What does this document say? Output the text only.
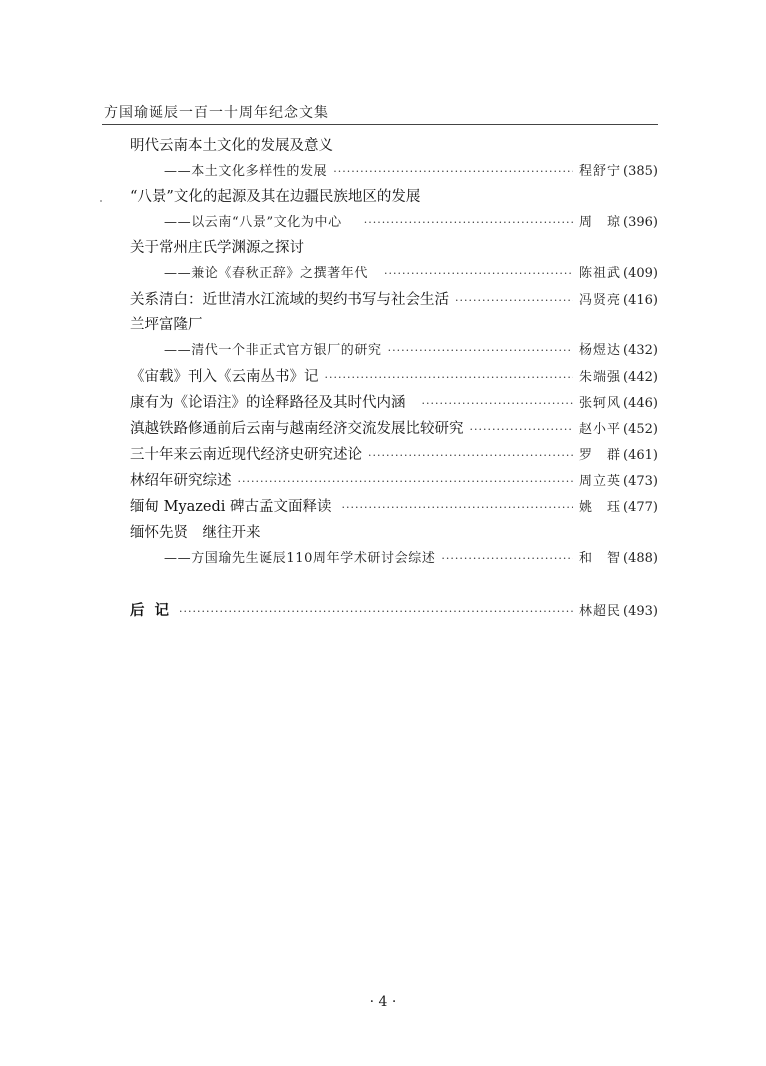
方国瑜诞辰一百一十周年纪念文集
明代云南本土文化的发展及意义
——本土文化多样性的发展 ·····	程舒宁 (385)
“八景”文化的起源及其在边疆民族地区的发展
——以云南“八景”文化为中心 ·····	周　琼 (396)
关于常州庄氏学渊源之探讨
——兼论《春秋正辞》之撰著年代 ·····	陈祖武 (409)
关系清白：近世清水江流域的契约书写与社会生活 ·····	冯贤亮 (416)
兰坪富隆厂
——清代一个非正式官方银厂的研究 ·····	杨煜达 (432)
《宙载》刊入《云南丛书》记 ·····	朱端强 (442)
康有为《论语注》的诠释路径及其时代内涵 ·····	张轲风 (446)
滇越铁路修通前后云南与越南经济交流发展比较研究 ·····	赵小平 (452)
三十年来云南近现代经济史研究述论 ·····	罗　群 (461)
林绍年研究综述 ·····	周立英 (473)
缅甸 Myazedi 碑古孟文面释读 ·····	姚　珏 (477)
缅怀先贤　继往开来
——方国瑜先生诞辰110周年学术研讨会综述 ·····	和　智 (488)
后记 ·····	林超民 (493)
· 4 ·
